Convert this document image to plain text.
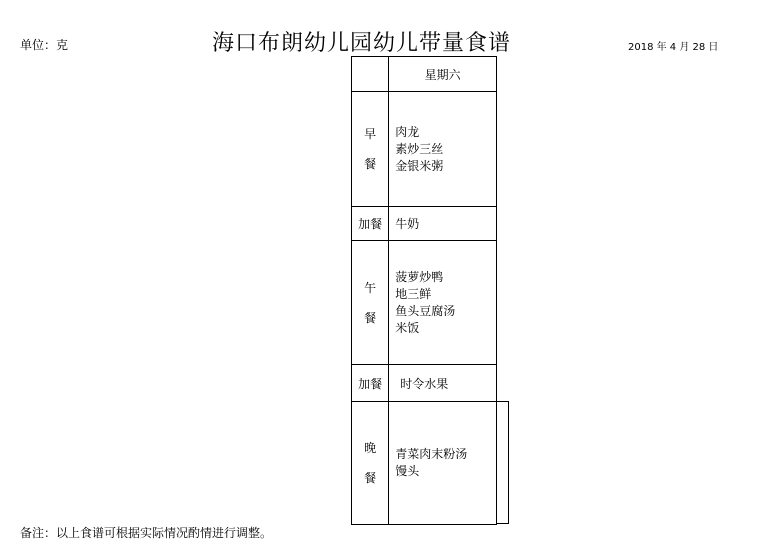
单位：克	海口布朗幼儿园幼儿带量食谱	2018 年 4 月 28 日
	星期六

早
餐	肉龙
素炒三丝
金银米粥

加餐	牛奶

午
餐	菠萝炒鸭
地三鲜
鱼头豆腐汤
米饭

加餐	时令水果

晚
餐	青菜肉末粉汤
馒头
备注：以上食谱可根据实际情况酌情进行调整。
